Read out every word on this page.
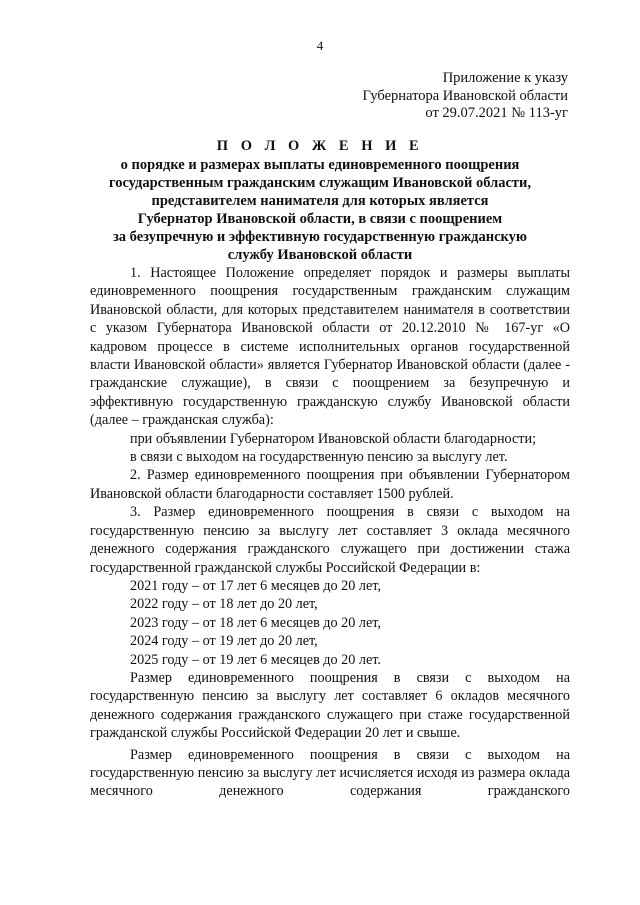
4
Приложение к указу
Губернатора Ивановской области
от 29.07.2021 № 113-уг
П О Л О Ж Е Н И Е
о порядке и размерах выплаты единовременного поощрения
государственным гражданским служащим Ивановской области,
представителем нанимателя для которых является
Губернатор Ивановской области, в связи с поощрением
за безупречную и эффективную государственную гражданскую
службу Ивановской области

1. Настоящее Положение определяет порядок и размеры выплаты единовременного поощрения государственным гражданским служащим Ивановской области, для которых представителем нанимателя в соответствии с указом Губернатора Ивановской области от 20.12.2010 № 167-уг «О кадровом процессе в системе исполнительных органов государственной власти Ивановской области» является Губернатор Ивановской области (далее - гражданские служащие), в связи с поощрением за безупречную и эффективную государственную гражданскую службу Ивановской области (далее – гражданская служба):

при объявлении Губернатором Ивановской области благодарности;

в связи с выходом на государственную пенсию за выслугу лет.

2. Размер единовременного поощрения при объявлении Губернатором Ивановской области благодарности составляет 1500 рублей.

3. Размер единовременного поощрения в связи с выходом на государственную пенсию за выслугу лет составляет 3 оклада месячного денежного содержания гражданского служащего при достижении стажа государственной гражданской службы Российской Федерации в:

2021 году – от 17 лет 6 месяцев до 20 лет,
2022 году – от 18 лет до 20 лет,
2023 году – от 18 лет 6 месяцев до 20 лет,
2024 году – от 19 лет до 20 лет,
2025 году – от 19 лет 6 месяцев до 20 лет.

Размер единовременного поощрения в связи с выходом на государственную пенсию за выслугу лет составляет 6 окладов месячного денежного содержания гражданского служащего при стаже государственной гражданской службы Российской Федерации 20 лет и свыше.

Размер единовременного поощрения в связи с выходом на государственную пенсию за выслугу лет исчисляется исходя из размера оклада месячного денежного содержания гражданского
